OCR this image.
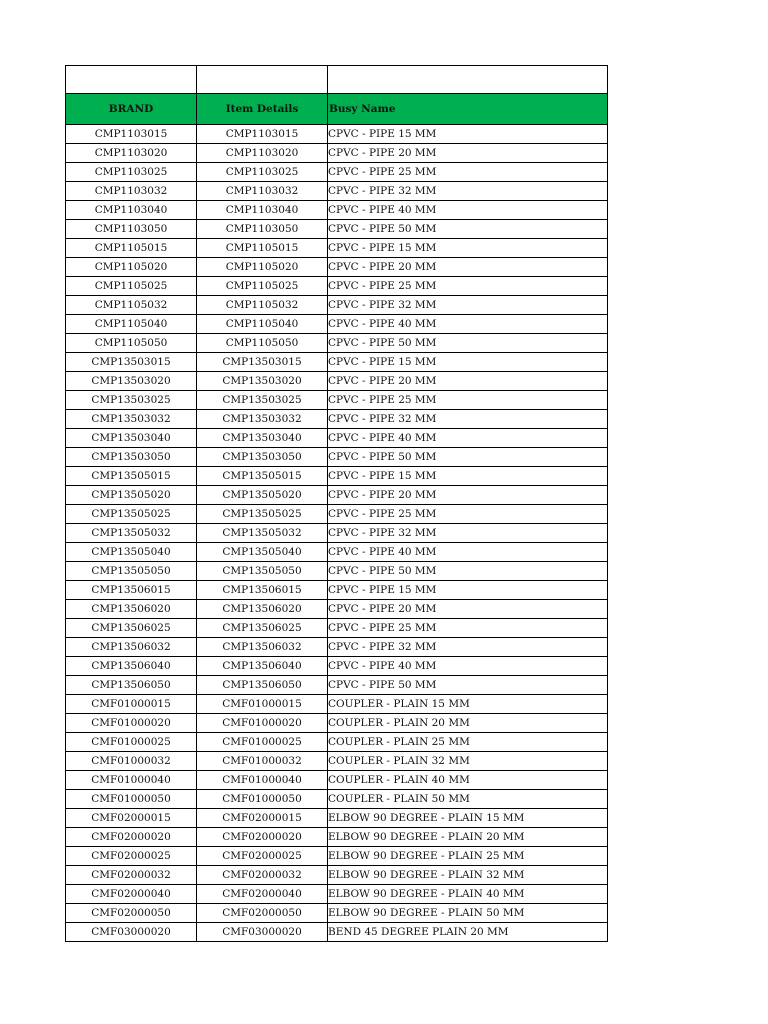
BRAND	Item Details	Busy Name
CMP1103015	CMP1103015	CPVC - PIPE 15 MM
CMP1103020	CMP1103020	CPVC - PIPE 20 MM
CMP1103025	CMP1103025	CPVC - PIPE 25 MM
CMP1103032	CMP1103032	CPVC - PIPE 32 MM
CMP1103040	CMP1103040	CPVC - PIPE 40 MM
CMP1103050	CMP1103050	CPVC - PIPE 50 MM
CMP1105015	CMP1105015	CPVC - PIPE 15 MM
CMP1105020	CMP1105020	CPVC - PIPE 20 MM
CMP1105025	CMP1105025	CPVC - PIPE 25 MM
CMP1105032	CMP1105032	CPVC - PIPE 32 MM
CMP1105040	CMP1105040	CPVC - PIPE 40 MM
CMP1105050	CMP1105050	CPVC - PIPE 50 MM
CMP13503015	CMP13503015	CPVC - PIPE 15 MM
CMP13503020	CMP13503020	CPVC - PIPE 20 MM
CMP13503025	CMP13503025	CPVC - PIPE 25 MM
CMP13503032	CMP13503032	CPVC - PIPE 32 MM
CMP13503040	CMP13503040	CPVC - PIPE 40 MM
CMP13503050	CMP13503050	CPVC - PIPE 50 MM
CMP13505015	CMP13505015	CPVC - PIPE 15 MM
CMP13505020	CMP13505020	CPVC - PIPE 20 MM
CMP13505025	CMP13505025	CPVC - PIPE 25 MM
CMP13505032	CMP13505032	CPVC - PIPE 32 MM
CMP13505040	CMP13505040	CPVC - PIPE 40 MM
CMP13505050	CMP13505050	CPVC - PIPE 50 MM
CMP13506015	CMP13506015	CPVC - PIPE 15 MM
CMP13506020	CMP13506020	CPVC - PIPE 20 MM
CMP13506025	CMP13506025	CPVC - PIPE 25 MM
CMP13506032	CMP13506032	CPVC - PIPE 32 MM
CMP13506040	CMP13506040	CPVC - PIPE 40 MM
CMP13506050	CMP13506050	CPVC - PIPE 50 MM
CMF01000015	CMF01000015	COUPLER - PLAIN 15 MM
CMF01000020	CMF01000020	COUPLER - PLAIN 20 MM
CMF01000025	CMF01000025	COUPLER - PLAIN 25 MM
CMF01000032	CMF01000032	COUPLER - PLAIN 32 MM
CMF01000040	CMF01000040	COUPLER - PLAIN 40 MM
CMF01000050	CMF01000050	COUPLER - PLAIN 50 MM
CMF02000015	CMF02000015	ELBOW 90 DEGREE - PLAIN 15 MM
CMF02000020	CMF02000020	ELBOW 90 DEGREE - PLAIN 20 MM
CMF02000025	CMF02000025	ELBOW 90 DEGREE - PLAIN 25 MM
CMF02000032	CMF02000032	ELBOW 90 DEGREE - PLAIN 32 MM
CMF02000040	CMF02000040	ELBOW 90 DEGREE - PLAIN 40 MM
CMF02000050	CMF02000050	ELBOW 90 DEGREE - PLAIN 50 MM
CMF03000020	CMF03000020	BEND 45 DEGREE PLAIN 20 MM
